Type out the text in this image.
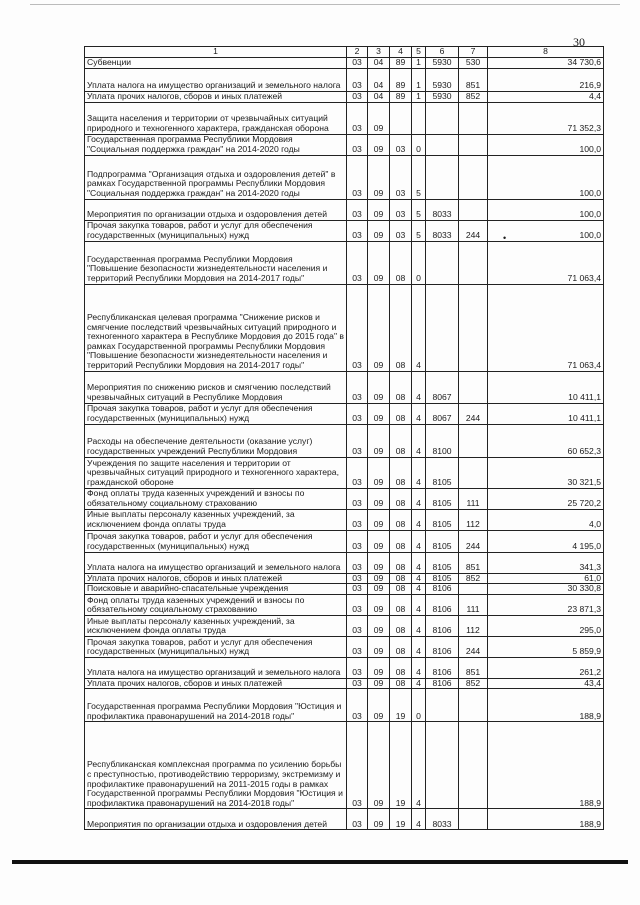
30
1	2	3	4	5	6	7	8
Субвенции	03	04	89	1	5930	530	34 730,6
Уплата налога на имущество организаций и земельного налога	03	04	89	1	5930	851	216,9
Уплата прочих налогов, сборов и иных платежей	03	04	89	1	5930	852	4,4
Защита населения и территории от чрезвычайных ситуаций природного и техногенного характера, гражданская оборона	03	09					71 352,3
Государственная программа Республики Мордовия "Социальная поддержка граждан" на 2014-2020 годы	03	09	03	0			100,0
Подпрограмма "Организация отдыха и оздоровления детей" в рамках Государственной программы Республики Мордовия "Социальная поддержка граждан" на 2014-2020 годы	03	09	03	5			100,0
Мероприятия по организации отдыха и оздоровления детей	03	09	03	5	8033		100,0
Прочая закупка товаров, работ и услуг для обеспечения государственных (муниципальных) нужд	03	09	03	5	8033	244	100,0
Государственная программа Республики Мордовия "Повышение безопасности жизнедеятельности населения и территорий Республики Мордовия на 2014-2017 годы"	03	09	08	0			71 063,4
Республиканская целевая программа "Снижение рисков и смягчение последствий чрезвычайных ситуаций природного и техногенного характера в Республике Мордовия до 2015 года" в рамках Государственной программы Республики Мордовия "Повышение безопасности жизнедеятельности населения и территорий Республики Мордовия на 2014-2017 годы"	03	09	08	4			71 063,4
Мероприятия по снижению рисков и смягчению последствий чрезвычайных ситуаций в Республике Мордовия	03	09	08	4	8067		10 411,1
Прочая закупка товаров, работ и услуг для обеспечения государственных (муниципальных) нужд	03	09	08	4	8067	244	10 411,1
Расходы на обеспечение деятельности (оказание услуг) государственных учреждений Республики Мордовия	03	09	08	4	8100		60 652,3
Учреждения по защите населения и территории от чрезвычайных ситуаций природного и техногенного характера, гражданской обороне	03	09	08	4	8105		30 321,5
Фонд оплаты труда казенных учреждений и взносы по обязательному социальному страхованию	03	09	08	4	8105	111	25 720,2
Иные выплаты персоналу казенных учреждений, за исключением фонда оплаты труда	03	09	08	4	8105	112	4,0
Прочая закупка товаров, работ и услуг для обеспечения государственных (муниципальных) нужд	03	09	08	4	8105	244	4 195,0
Уплата налога на имущество организаций и земельного налога	03	09	08	4	8105	851	341,3
Уплата прочих налогов, сборов и иных платежей	03	09	08	4	8105	852	61,0
Поисковые и аварийно-спасательные учреждения	03	09	08	4	8106		30 330,8
Фонд оплаты труда казенных учреждений и взносы по обязательному социальному страхованию	03	09	08	4	8106	111	23 871,3
Иные выплаты персоналу казенных учреждений, за исключением фонда оплаты труда	03	09	08	4	8106	112	295,0
Прочая закупка товаров, работ и услуг для обеспечения государственных (муниципальных) нужд	03	09	08	4	8106	244	5 859,9
Уплата налога на имущество организаций и земельного налога	03	09	08	4	8106	851	261,2
Уплата прочих налогов, сборов и иных платежей	03	09	08	4	8106	852	43,4
Государственная программа Республики Мордовия "Юстиция и профилактика правонарушений на 2014-2018 годы"	03	09	19	0			188,9
Республиканская комплексная программа по усилению борьбы с преступностью, противодействию терроризму, экстремизму и профилактике правонарушений на 2011-2015 годы в рамках Государственной программы Республики Мордовия "Юстиция и профилактика правонарушений на 2014-2018 годы"	03	09	19	4			188,9
Мероприятия по организации отдыха и оздоровления детей	03	09	19	4	8033		188,9
•
